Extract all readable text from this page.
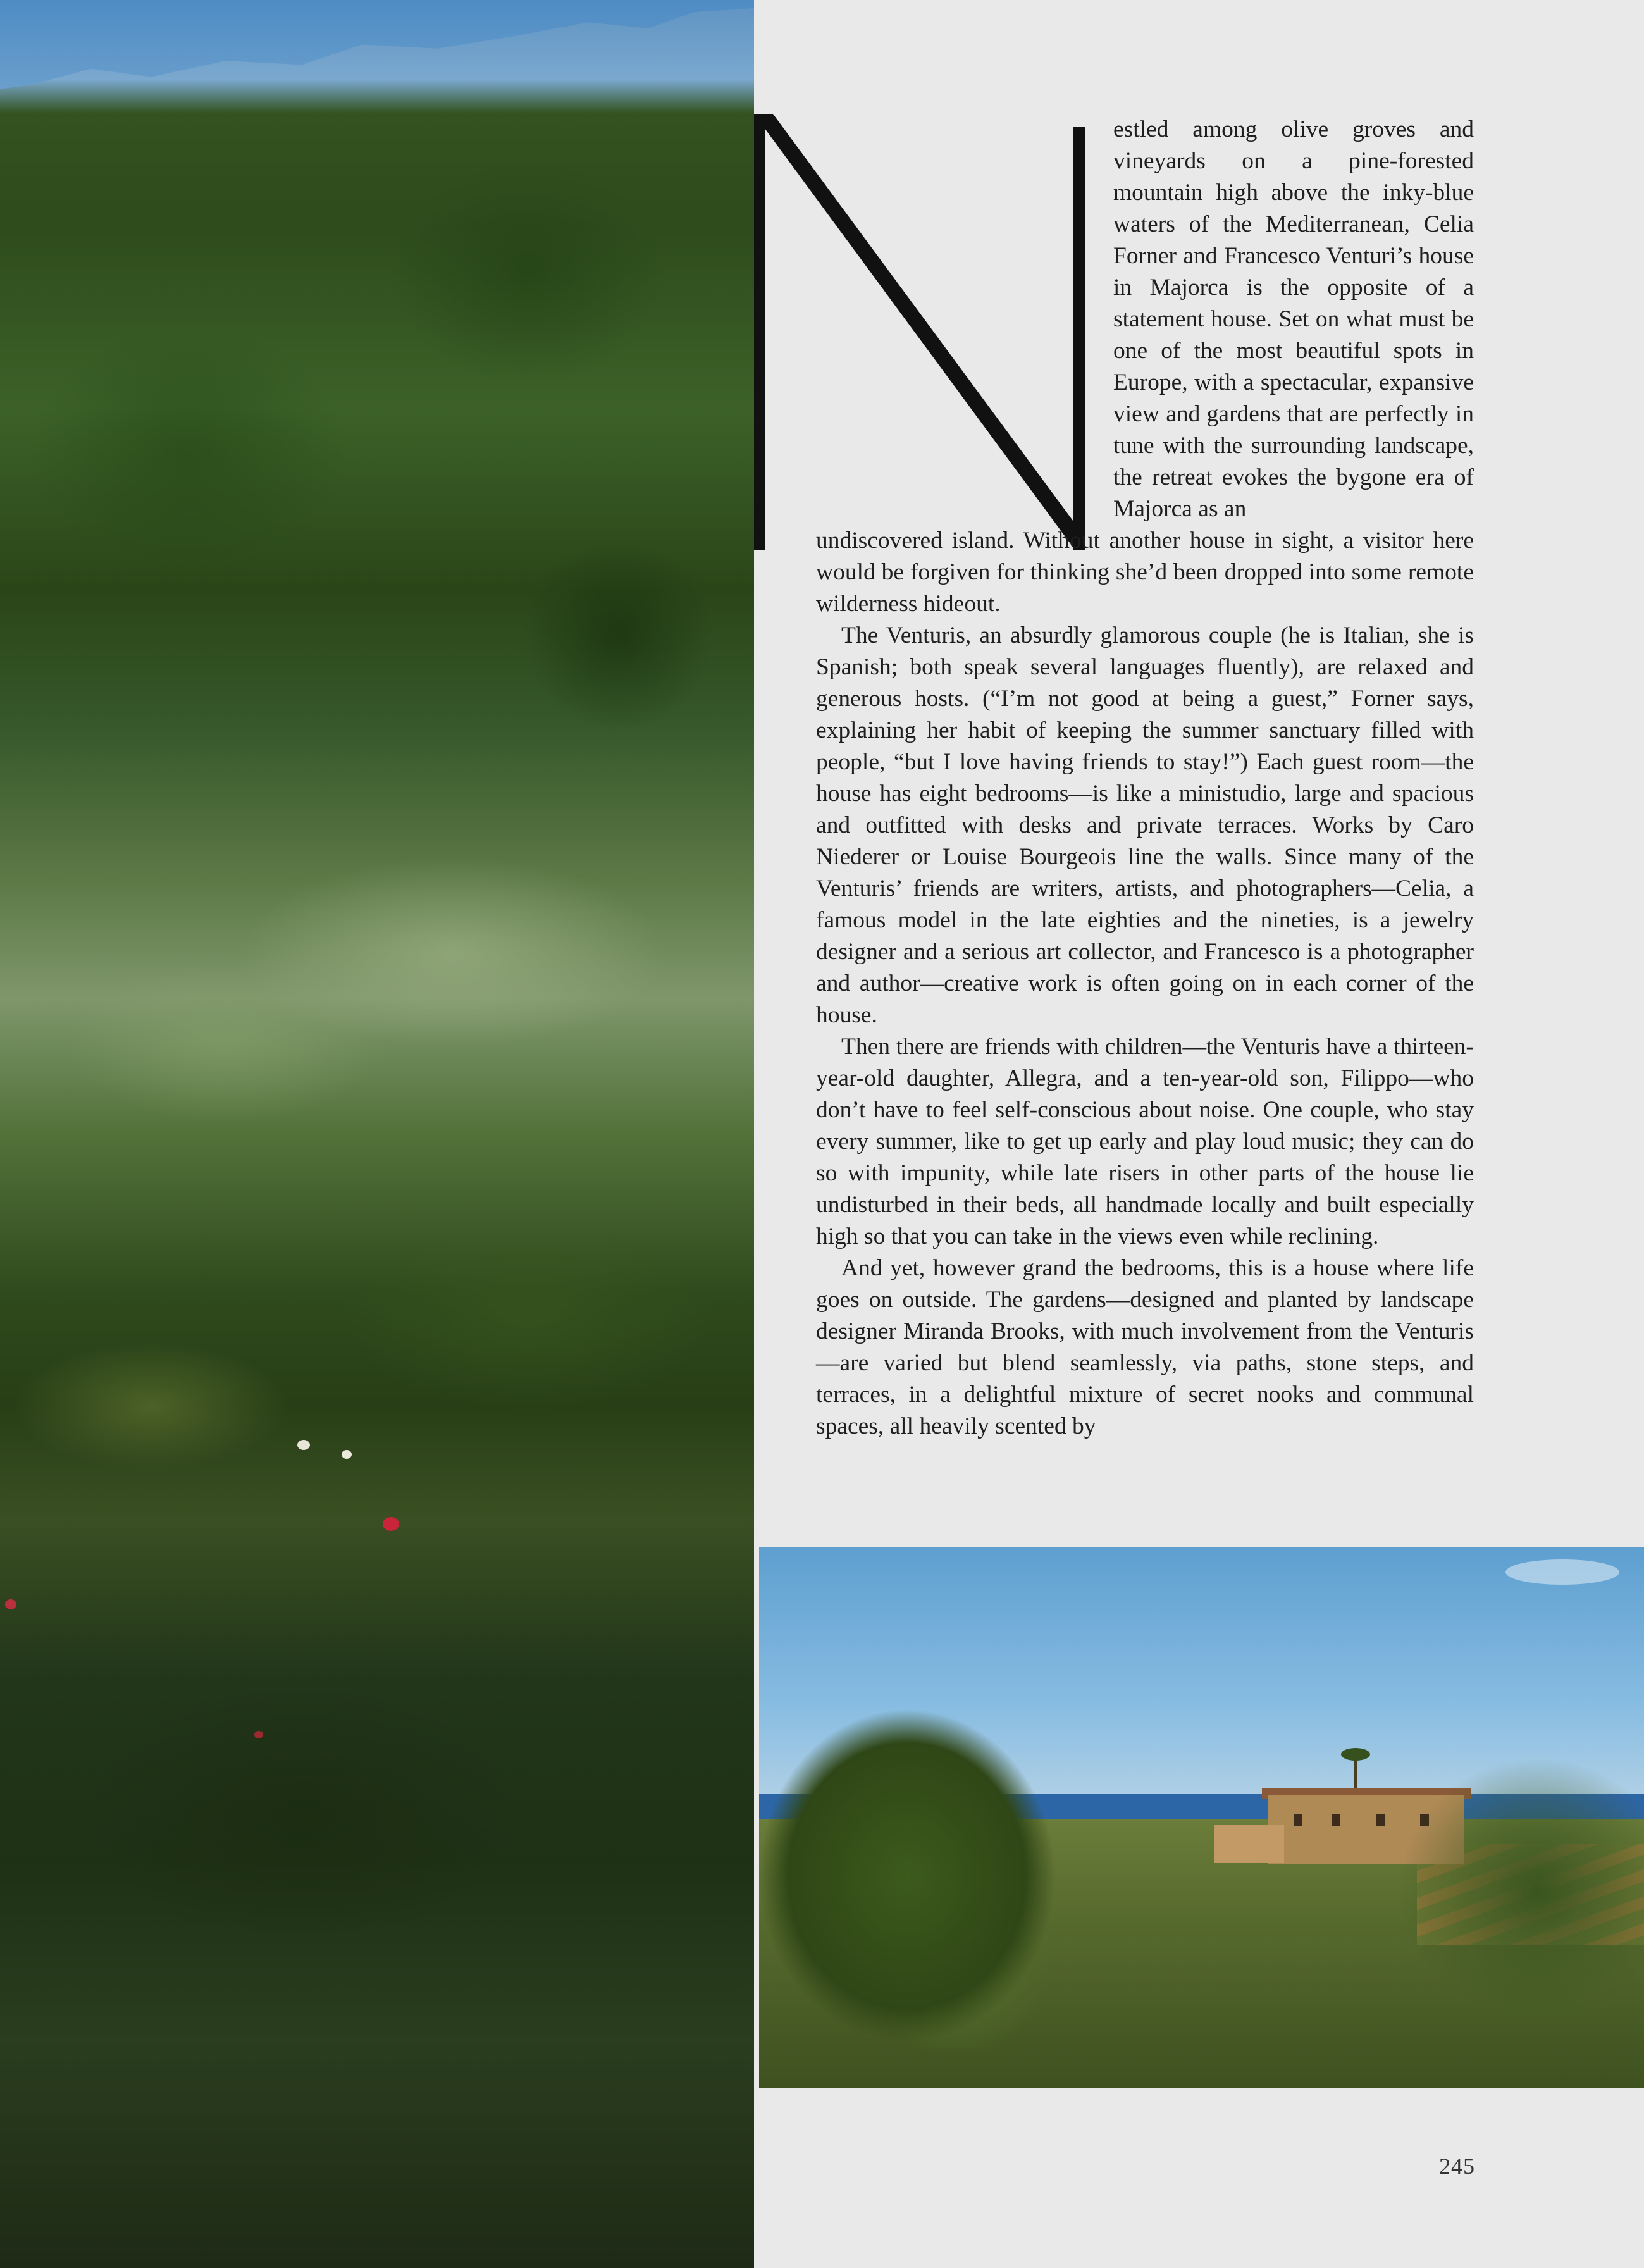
estled among olive groves and vineyards on a pine-forested mountain high above the inky-blue waters of the Mediterranean, Celia Forner and Francesco Venturi’s house in Majorca is the opposite of a statement house. Set on what must be one of the most beautiful spots in Europe, with a spectacular, expansive view and gardens that are perfectly in tune with the surrounding landscape, the retreat evokes the bygone era of Majorca as an

undiscovered island. Without another house in sight, a visitor here would be forgiven for thinking she’d been dropped into some remote wilderness hideout.

The Venturis, an absurdly glamorous couple (he is Italian, she is Spanish; both speak several languages fluently), are relaxed and generous hosts. (“I’m not good at being a guest,” Forner says, explaining her habit of keeping the summer sanctuary filled with people, “but I love having friends to stay!”) Each guest room—the house has eight bedrooms—is like a ministudio, large and spacious and outfitted with desks and private terraces. Works by Caro Niederer or Louise Bourgeois line the walls. Since many of the Venturis’ friends are writers, artists, and photographers—Celia, a famous model in the late eighties and the nineties, is a jewelry designer and a serious art collector, and Francesco is a photographer and author—creative work is often going on in each corner of the house.

Then there are friends with children—the Venturis have a thirteen-year-old daughter, Allegra, and a ten-year-old son, Filippo—who don’t have to feel self-conscious about noise. One couple, who stay every summer, like to get up early and play loud music; they can do so with impunity, while late risers in other parts of the house lie undisturbed in their beds, all handmade locally and built especially high so that you can take in the views even while reclining.

And yet, however grand the bedrooms, this is a house where life goes on outside. The gardens—designed and planted by landscape designer Miranda Brooks, with much involvement from the Venturis—are varied but blend seamlessly, via paths, stone steps, and terraces, in a delightful mixture of secret nooks and communal spaces, all heavily scented by

245
